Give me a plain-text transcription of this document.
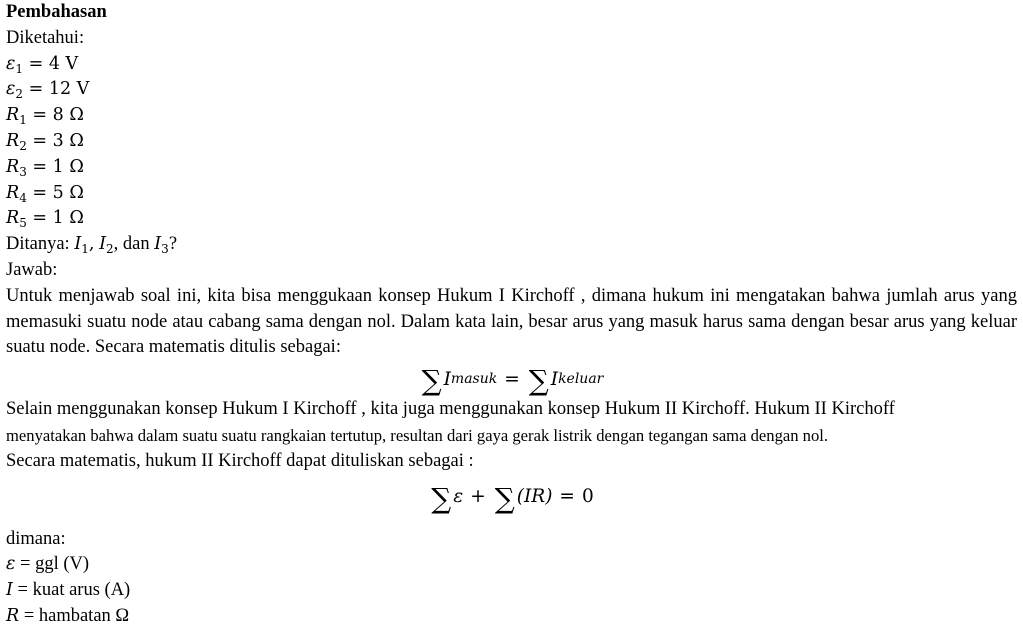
Pembahasan
Diketahui:
$\varepsilon_1 = 4$ V
$\varepsilon_2 = 12$ V
$R_1 = 8$ Ω
$R_2 = 3$ Ω
$R_3 = 1$ Ω
$R_4 = 5$ Ω
$R_5 = 1$ Ω
Ditanya: $I_1$, $I_2$, dan $I_3$?
Jawab:

Untuk menjawab soal ini, kita bisa menggukaan konsep Hukum I Kirchoff , dimana hukum ini mengatakan bahwa jumlah arus yang memasuki suatu node atau cabang sama dengan nol. Dalam kata lain, besar arus yang masuk harus sama dengan besar arus yang keluar suatu node. Secara matematis ditulis sebagai:

∑ I masuk = ∑ I keluar
Selain menggunakan konsep Hukum I Kirchoff , kita juga menggunakan konsep Hukum II Kirchoff. Hukum II Kirchoff
menyatakan bahwa dalam suatu suatu rangkaian tertutup, resultan dari gaya gerak listrik dengan tegangan sama dengan nol.
Secara matematis, hukum II Kirchoff dapat dituliskan sebagai :
∑ ε + ∑ (IR) = 0
dimana:
ε = ggl (V)
I = kuat arus (A)
R = hambatan Ω
